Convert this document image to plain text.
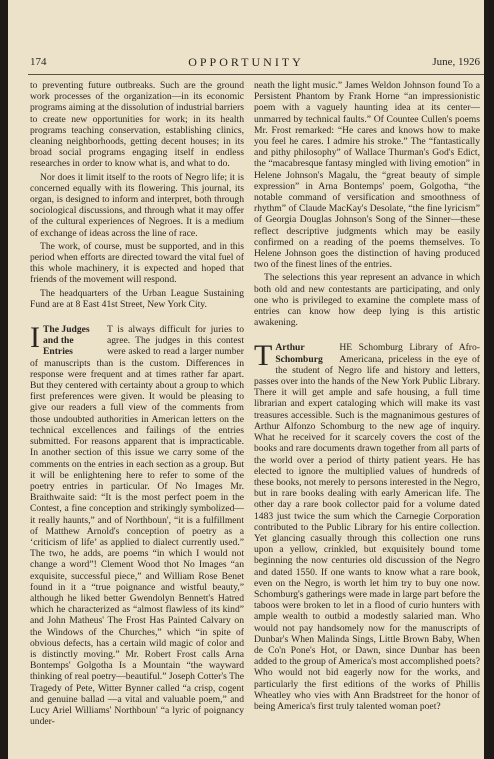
174	OPPORTUNITY	June, 1926

to preventing future outbreaks. Such are the ground work processes of the organization—in its economic programs aiming at the dissolution of industrial barriers to create new opportunities for work; in its health programs teaching conservation, establishing clinics, cleaning neighborhoods, getting decent houses; in its broad social programs engaging itself in endless researches in order to know what is, and what to do.

Nor does it limit itself to the roots of Negro life; it is concerned equally with its flowering. This journal, its organ, is designed to inform and interpret, both through sociological discussions, and through what it may offer of the cultural experiences of Negroes. It is a medium of exchange of ideas across the line of race.

The work, of course, must be supported, and in this period when efforts are directed toward the vital fuel of this whole machinery, it is expected and hoped that friends of the movement will respond.

The headquarters of the Urban League Sustaining Fund are at 8 East 41st Street, New York City.

I The Judges and the Entries
T is always difficult for juries to agree. The judges in this contest were asked to read a larger number of manuscripts than is the custom. Differences in response were frequent and at times rather far apart. But they centered with certainty about a group to which first preferences were given. It would be pleasing to give our readers a full view of the comments from those undoubted authorities in American letters on the technical excellences and failings of the entries submitted. For reasons apparent that is impracticable. In another section of this issue we carry some of the comments on the entries in each section as a group. But it will be enlightening here to refer to some of the poetry entries in particular. Of No Images Mr. Braithwaite said: “It is the most perfect poem in the Contest, a fine conception and strikingly symbolized—it really haunts,” and of Northboun', “it is a fulfillment of Matthew Arnold's conception of poetry as a ‘criticism of life’ as applied to dialect currently used.” The two, he adds, are poems “in which I would not change a word”! Clement Wood thot No Images “an exquisite, successful piece,” and William Rose Benet found in it a “true poignance and wistful beauty,” although he liked better Gwendolyn Bennett's Hatred which he characterized as “almost flawless of its kind” and John Matheus' The Frost Has Painted Calvary on the Windows of the Churches,” which “in spite of obvious defects, has a certain wild magic of color and is distinctly moving.” Mr. Robert Frost calls Arna Bontemps' Golgotha Is a Mountain “the wayward thinking of real poetry—beautiful.” Joseph Cotter's The Tragedy of Pete, Witter Bynner called “a crisp, cogent and genuine ballad —a vital and valuable poem,” and Lucy Ariel Williams' Northboun' “a lyric of poignancy under-

neath the light music.” James Weldon Johnson found To a Persistent Phantom by Frank Horne “an impressionistic poem with a vaguely haunting idea at its center—unmarred by technical faults.” Of Countee Cullen's poems Mr. Frost remarked: “He cares and knows how to make you feel he cares. I admire his stroke.” The “fantastically and pithy philosophy” of Wallace Thurman's God's Edict, the “macabresque fantasy mingled with living emotion” in Helene Johnson's Magalu, the “great beauty of simple expression” in Arna Bontemps' poem, Golgotha, “the notable command of versification and smoothness of rhythm” of Claude MacKay's Desolate, “the fine lyricism” of Georgia Douglas Johnson's Song of the Sinner—these reflect descriptive judgments which may be easily confirmed on a reading of the poems themselves. To Helene Johnson goes the distinction of having produced two of the finest lines of the entries.

The selections this year represent an advance in which both old and new contestants are participating, and only one who is privileged to examine the complete mass of entries can know how deep lying is this artistic awakening.

T Arthur Schomburg
HE Schomburg Library of Afro-Americana, priceless in the eye of the student of Negro life and history and letters, passes over into the hands of the New York Public Library. There it will get ample and safe housing, a full time librarian and expert cataloging which will make its vast treasures accessible. Such is the magnanimous gestures of Arthur Alfonzo Schomburg to the new age of inquiry. What he received for it scarcely covers the cost of the books and rare documents drawn together from all parts of the world over a period of thirty patient years. He has elected to ignore the multiplied values of hundreds of these books, not merely to persons interested in the Negro, but in rare books dealing with early American life. The other day a rare book collector paid for a volume dated 1483 just twice the sum which the Carnegie Corporation contributed to the Public Library for his entire collection. Yet glancing casually through this collection one runs upon a yellow, crinkled, but exquisitely bound tome beginning the now centuries old discussion of the Negro and dated 1550. If one wants to know what a rare book, even on the Negro, is worth let him try to buy one now. Schomburg's gatherings were made in large part before the taboos were broken to let in a flood of curio hunters with ample wealth to outbid a modestly salaried man. Who would not pay handsomely now for the manuscripts of Dunbar's When Malinda Sings, Little Brown Baby, When de Co'n Pone's Hot, or Dawn, since Dunbar has been added to the group of America's most accomplished poets? Who would not bid eagerly now for the works, and particularly the first editions of the works of Phillis Wheatley who vies with Ann Bradstreet for the honor of being America's first truly talented woman poet?
